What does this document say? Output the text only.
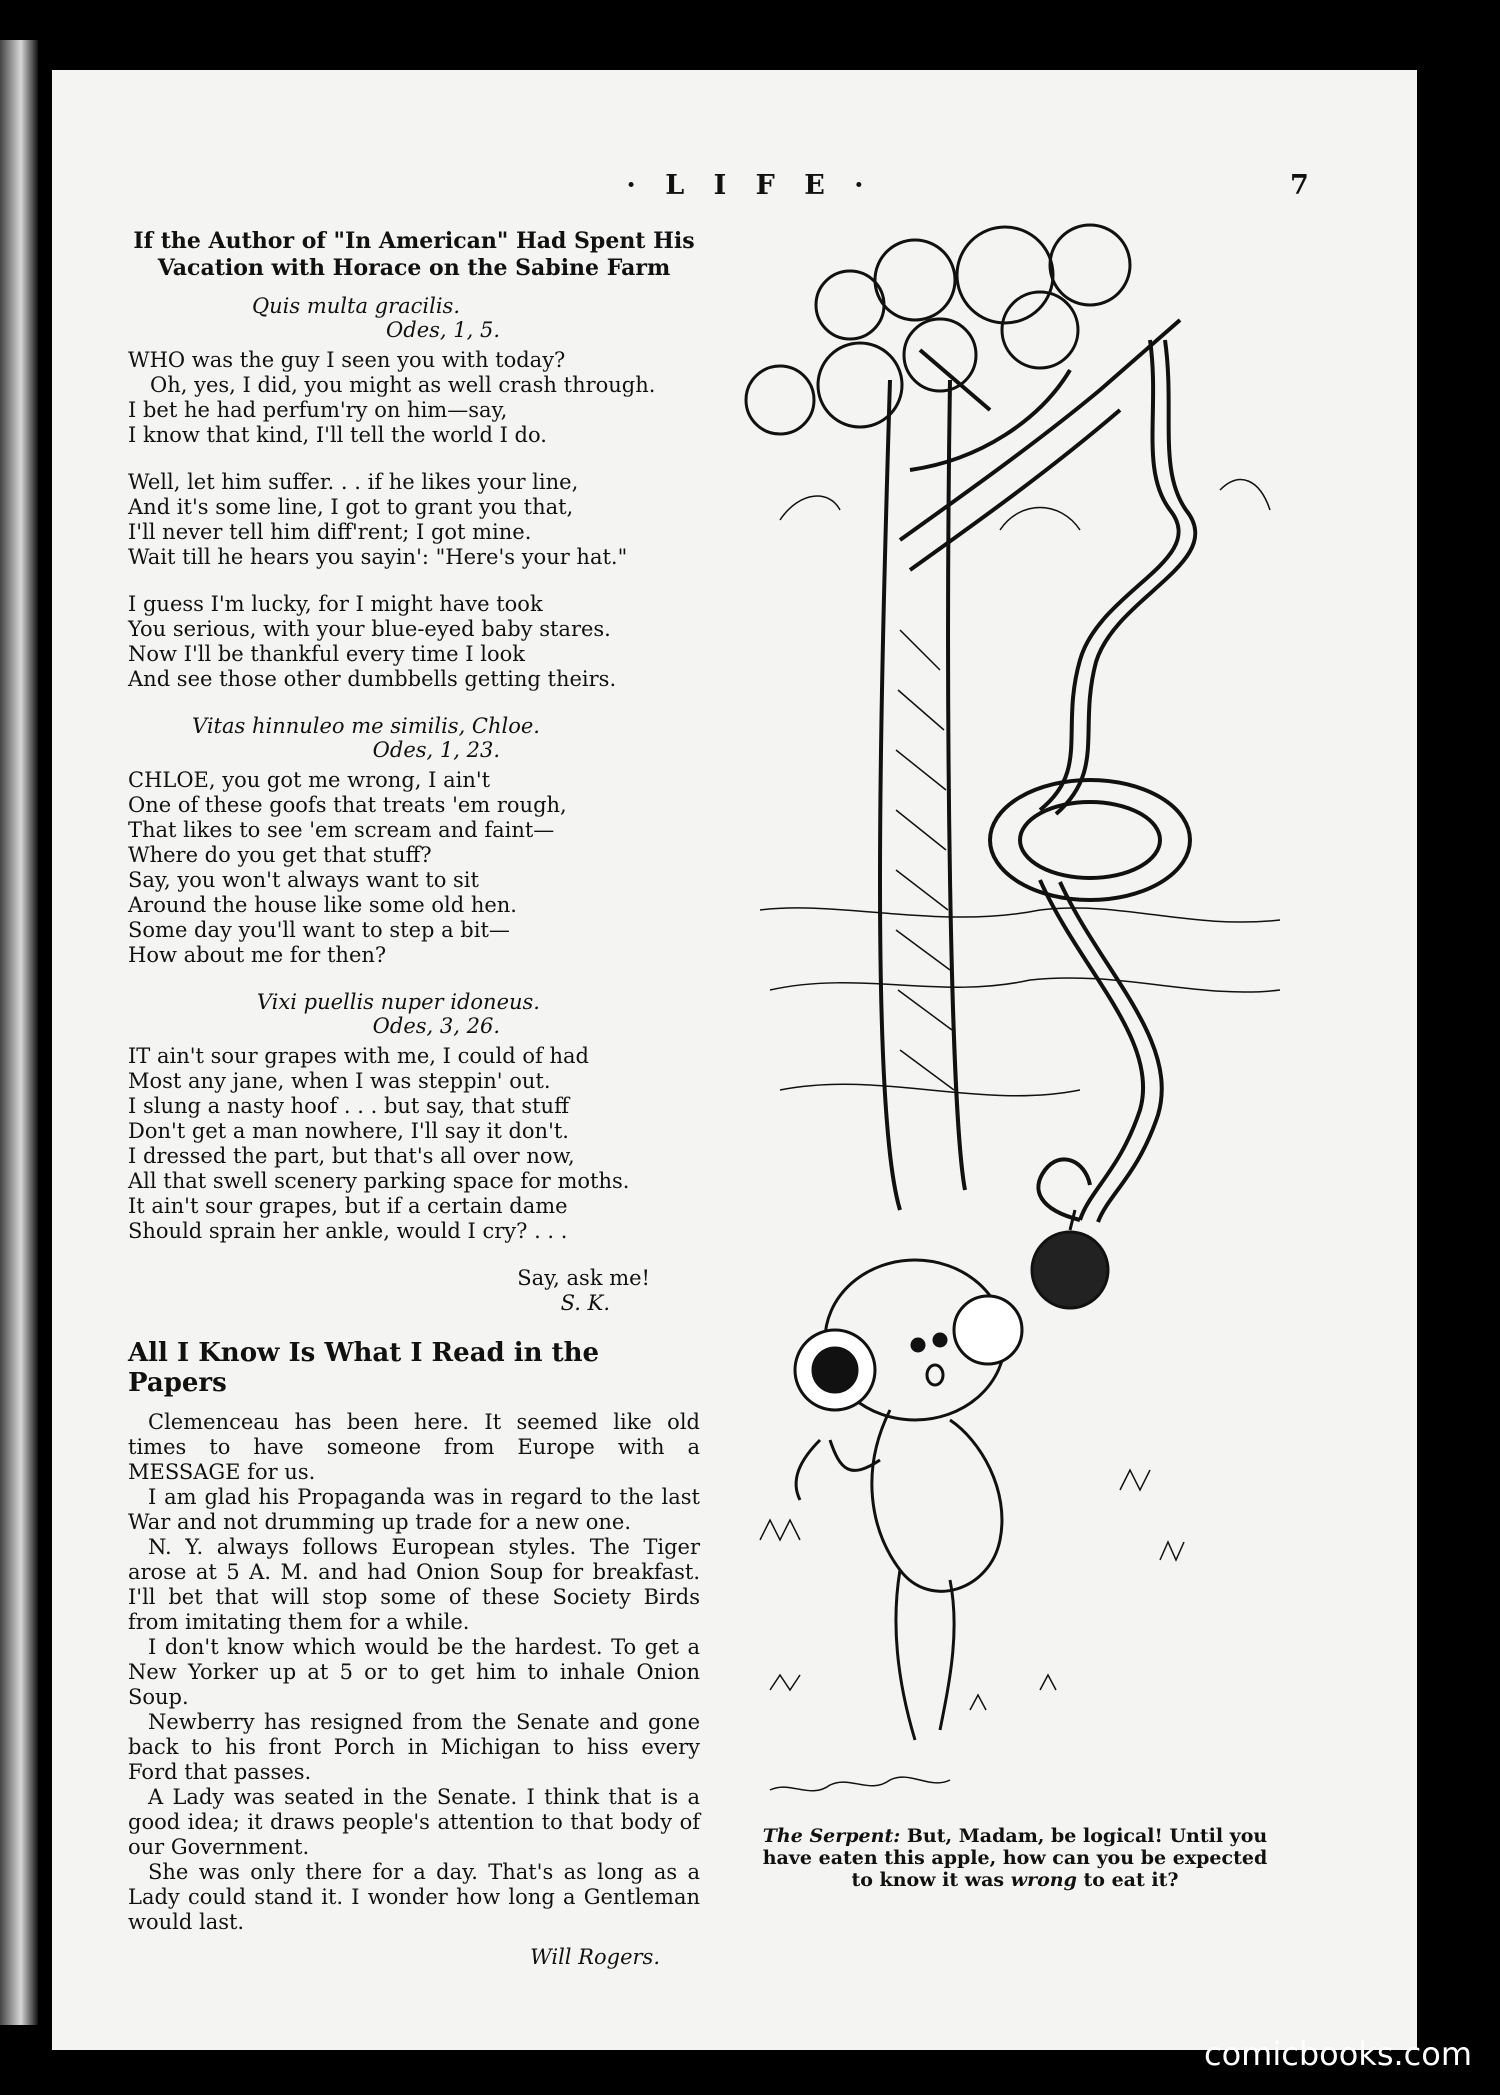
· L I F E ·	7
If the Author of "In American" Had Spent His Vacation with Horace on the Sabine Farm
Quis multa gracilis.
Odes, 1, 5.
WHO was the guy I seen you with today?
Oh, yes, I did, you might as well crash through.
I bet he had perfum'ry on him—say,
I know that kind, I'll tell the world I do.
Well, let him suffer. . . if he likes your line,
And it's some line, I got to grant you that,
I'll never tell him diff'rent; I got mine.
Wait till he hears you sayin': "Here's your hat."
I guess I'm lucky, for I might have took
You serious, with your blue-eyed baby stares.
Now I'll be thankful every time I look
And see those other dumbbells getting theirs.
Vitas hinnuleo me similis, Chloe.
Odes, 1, 23.
CHLOE, you got me wrong, I ain't
One of these goofs that treats 'em rough,
That likes to see 'em scream and faint—
Where do you get that stuff?
Say, you won't always want to sit
Around the house like some old hen.
Some day you'll want to step a bit—
How about me for then?
Vixi puellis nuper idoneus.
Odes, 3, 26.
IT ain't sour grapes with me, I could of had
Most any jane, when I was steppin' out.
I slung a nasty hoof . . . but say, that stuff
Don't get a man nowhere, I'll say it don't.
I dressed the part, but that's all over now,
All that swell scenery parking space for moths.
It ain't sour grapes, but if a certain dame
Should sprain her ankle, would I cry? . . .
Say, ask me!
S. K.
All I Know Is What I Read in the Papers

Clemenceau has been here. It seemed like old times to have someone from Europe with a MESSAGE for us.

I am glad his Propaganda was in regard to the last War and not drumming up trade for a new one.

N. Y. always follows European styles. The Tiger arose at 5 A. M. and had Onion Soup for breakfast. I'll bet that will stop some of these Society Birds from imitating them for a while.

I don't know which would be the hardest. To get a New Yorker up at 5 or to get him to inhale Onion Soup.

Newberry has resigned from the Senate and gone back to his front Porch in Michigan to hiss every Ford that passes.

A Lady was seated in the Senate. I think that is a good idea; it draws people's attention to that body of our Government.

She was only there for a day. That's as long as a Lady could stand it. I wonder how long a Gentleman would last.

Will Rogers.
The Serpent: But, Madam, be logical! Until you have eaten this apple, how can you be expected to know it was wrong to eat it?
comicbooks.com
